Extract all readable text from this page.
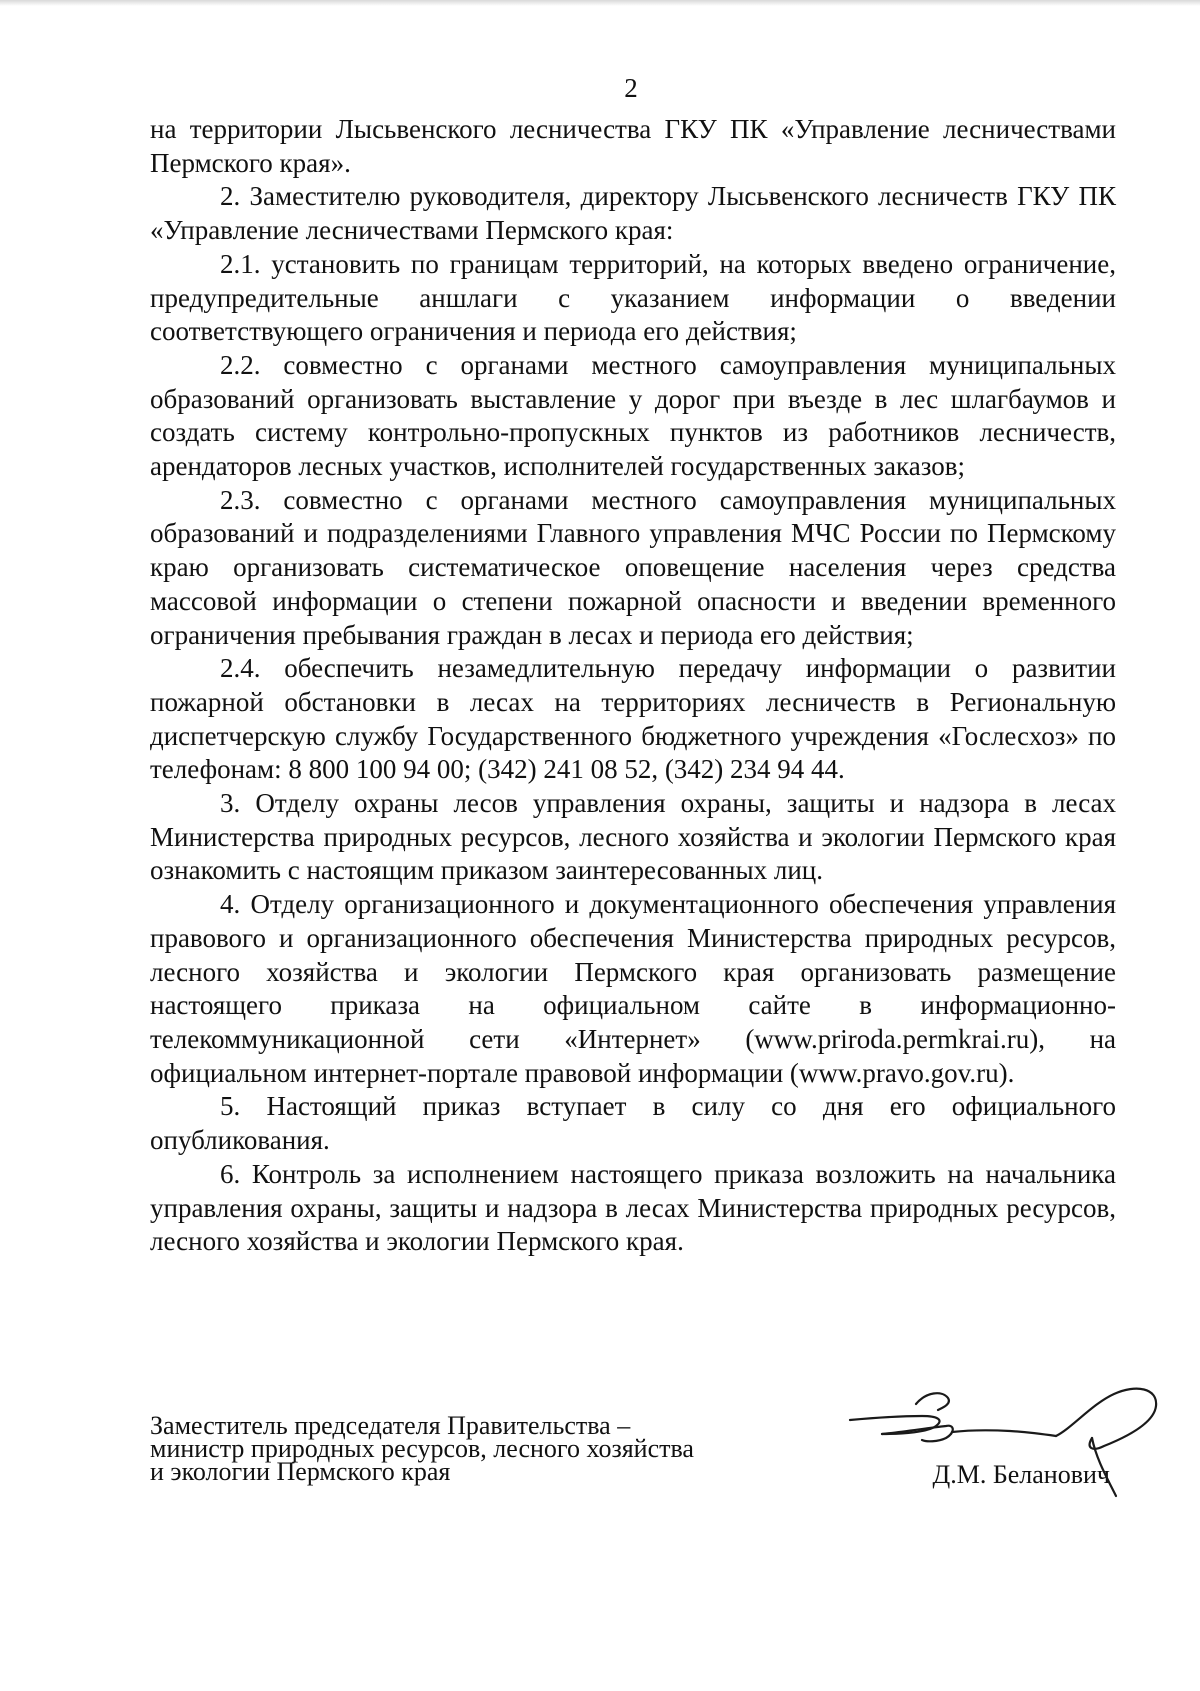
2

на территории Лысьвенского лесничества ГКУ ПК «Управление лесничествами Пермского края».

2. Заместителю руководителя, директору Лысьвенского лесничеств ГКУ ПК «Управление лесничествами Пермского края:

2.1. установить по границам территорий, на которых введено ограничение, предупредительные аншлаги с указанием информации о введении соответствующего ограничения и периода его действия;

2.2. совместно с органами местного самоуправления муниципальных образований организовать выставление у дорог при въезде в лес шлагбаумов и создать систему контрольно-пропускных пунктов из работников лесничеств, арендаторов лесных участков, исполнителей государственных заказов;

2.3. совместно с органами местного самоуправления муниципальных образований и подразделениями Главного управления МЧС России по Пермскому краю организовать систематическое оповещение населения через средства массовой информации о степени пожарной опасности и введении временного ограничения пребывания граждан в лесах и периода его действия;

2.4. обеспечить незамедлительную передачу информации о развитии пожарной обстановки в лесах на территориях лесничеств в Региональную диспетчерскую службу Государственного бюджетного учреждения «Гослесхоз» по телефонам: 8 800 100 94 00; (342) 241 08 52, (342) 234 94 44.

3. Отделу охраны лесов управления охраны, защиты и надзора в лесах Министерства природных ресурсов, лесного хозяйства и экологии Пермского края ознакомить с настоящим приказом заинтересованных лиц.

4. Отделу организационного и документационного обеспечения управления правового и организационного обеспечения Министерства природных ресурсов, лесного хозяйства и экологии Пермского края организовать размещение настоящего приказа на официальном сайте в информационно-телекоммуникационной сети «Интернет» (www.priroda.permkrai.ru), на официальном интернет-портале правовой информации (www.pravo.gov.ru).

5. Настоящий приказ вступает в силу со дня его официального опубликования.

6. Контроль за исполнением настоящего приказа возложить на начальника управления охраны, защиты и надзора в лесах Министерства природных ресурсов, лесного хозяйства и экологии Пермского края.

Заместитель председателя Правительства –
министр природных ресурсов, лесного хозяйства
и экологии Пермского края	Д.М. Беланович
